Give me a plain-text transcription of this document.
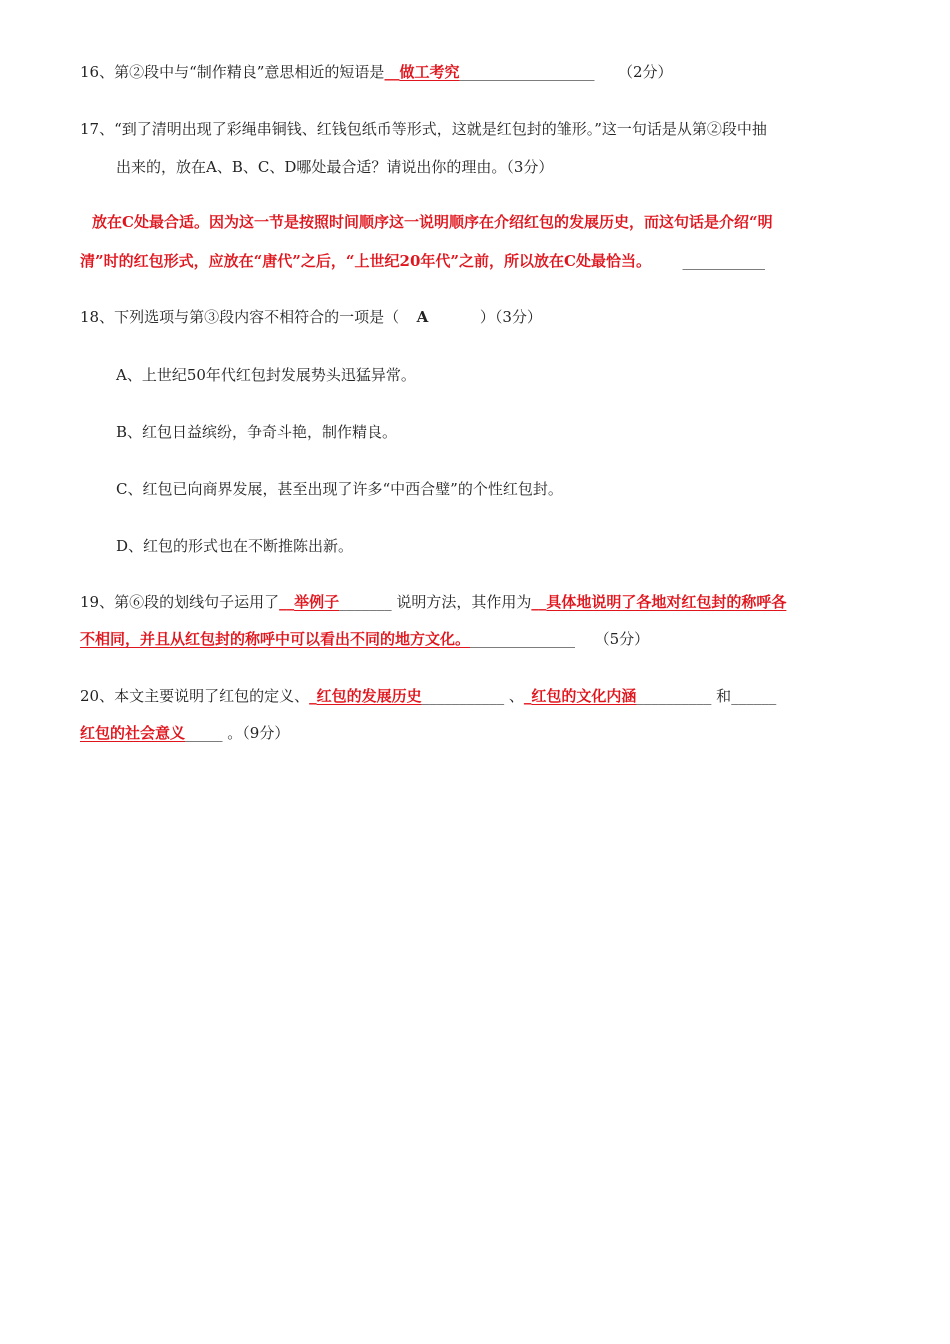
16、第②段中与“制作精良”意思相近的短语是__做工考究__________________ （2分）
17、“到了清明出现了彩绳串铜钱、红钱包纸币等形式，这就是红包封的雏形。”这一句话是从第②段中抽
出来的，放在A、B、C、D哪处最合适？请说出你的理由。（3分）
放在C处最合适。因为这一节是按照时间顺序这一说明顺序在介绍红包的发展历史，而这句话是介绍“明
清”时的红包形式，应放在“唐代”之后，“上世纪20年代”之前，所以放在C处最恰当。 ___________
18、下列选项与第③段内容不相符合的一项是（ A	）（3分）
A、上世纪50年代红包封发展势头迅猛异常。
B、红包日益缤纷，争奇斗艳，制作精良。
C、红包已向商界发展，甚至出现了许多“中西合璧”的个性红包封。
D、红包的形式也在不断推陈出新。
19、第⑥段的划线句子运用了__举例子_______ 说明方法，其作用为__具体地说明了各地对红包封的称呼各
不相同，并且从红包封的称呼中可以看出不同的地方文化。______________ （5分）
20、本文主要说明了红包的定义、_红包的发展历史___________ 、_红包的文化内涵__________ 和______
红包的社会意义_____ 。（9分）
